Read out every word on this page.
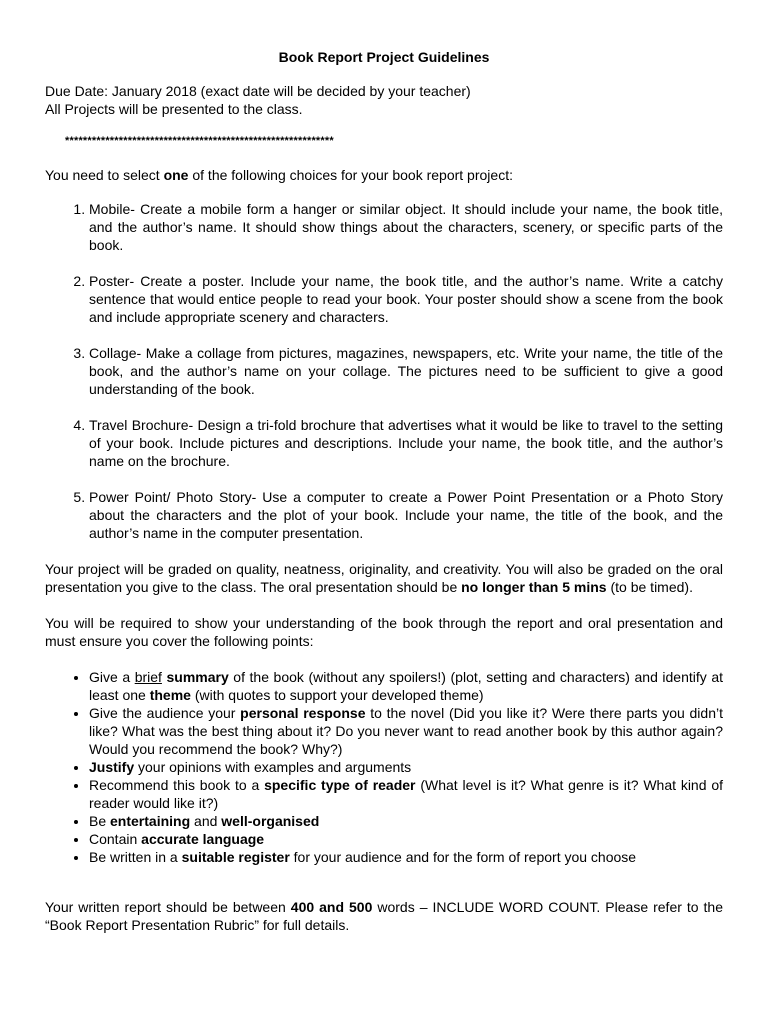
Book Report Project Guidelines

Due Date: January 2018 (exact date will be decided by your teacher)

All Projects will be presented to the class.

************************************************************

You need to select one of the following choices for your book report project:

1. Mobile- Create a mobile form a hanger or similar object. It should include your name, the book title, and the author’s name. It should show things about the characters, scenery, or specific parts of the book.
2. Poster- Create a poster. Include your name, the book title, and the author’s name. Write a catchy sentence that would entice people to read your book. Your poster should show a scene from the book and include appropriate scenery and characters.
3. Collage- Make a collage from pictures, magazines, newspapers, etc. Write your name, the title of the book, and the author’s name on your collage. The pictures need to be sufficient to give a good understanding of the book.
4. Travel Brochure- Design a tri-fold brochure that advertises what it would be like to travel to the setting of your book. Include pictures and descriptions. Include your name, the book title, and the author’s name on the brochure.
5. Power Point/ Photo Story- Use a computer to create a Power Point Presentation or a Photo Story about the characters and the plot of your book. Include your name, the title of the book, and the author’s name in the computer presentation.

Your project will be graded on quality, neatness, originality, and creativity. You will also be graded on the oral presentation you give to the class. The oral presentation should be no longer than 5 mins (to be timed).

You will be required to show your understanding of the book through the report and oral presentation and must ensure you cover the following points:

• Give a brief summary of the book (without any spoilers!) (plot, setting and characters) and identify at least one theme (with quotes to support your developed theme)
• Give the audience your personal response to the novel (Did you like it? Were there parts you didn’t like? What was the best thing about it? Do you never want to read another book by this author again? Would you recommend the book? Why?)
• Justify your opinions with examples and arguments
• Recommend this book to a specific type of reader (What level is it? What genre is it? What kind of reader would like it?)
• Be entertaining and well-organised
• Contain accurate language
• Be written in a suitable register for your audience and for the form of report you choose

Your written report should be between 400 and 500 words – INCLUDE WORD COUNT. Please refer to the “Book Report Presentation Rubric” for full details.
